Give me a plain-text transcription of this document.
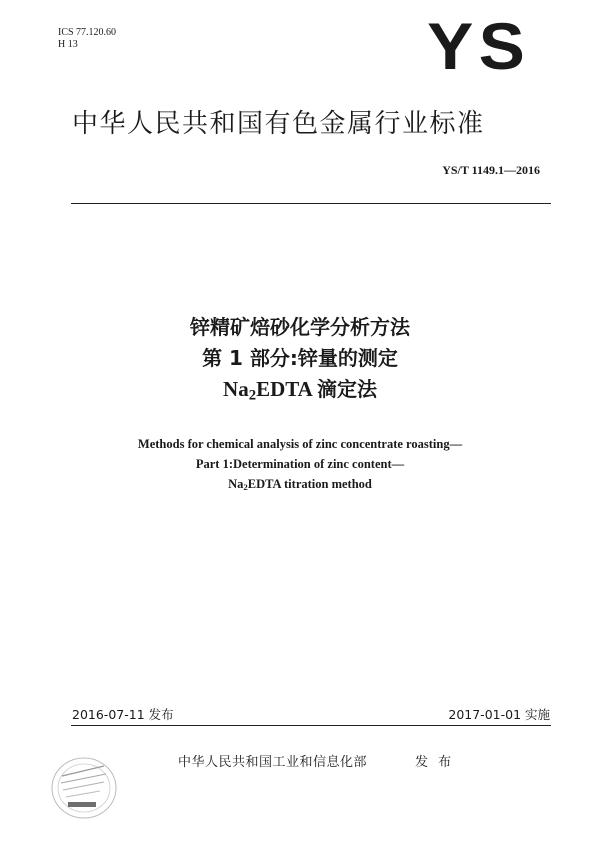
ICS 77.120.60
H 13	YS
中华人民共和国有色金属行业标准
YS/T 1149.1—2016
锌精矿焙砂化学分析方法
第 1 部分:锌量的测定
$Na_2EDTA$ 滴定法
Methods for chemical analysis of zinc concentrate roasting—
Part 1:Determination of zinc content—
$Na_2EDTA$ titration method
2016-07-11 发布	2017-01-01 实施
中华人民共和国工业和信息化部	发 布
